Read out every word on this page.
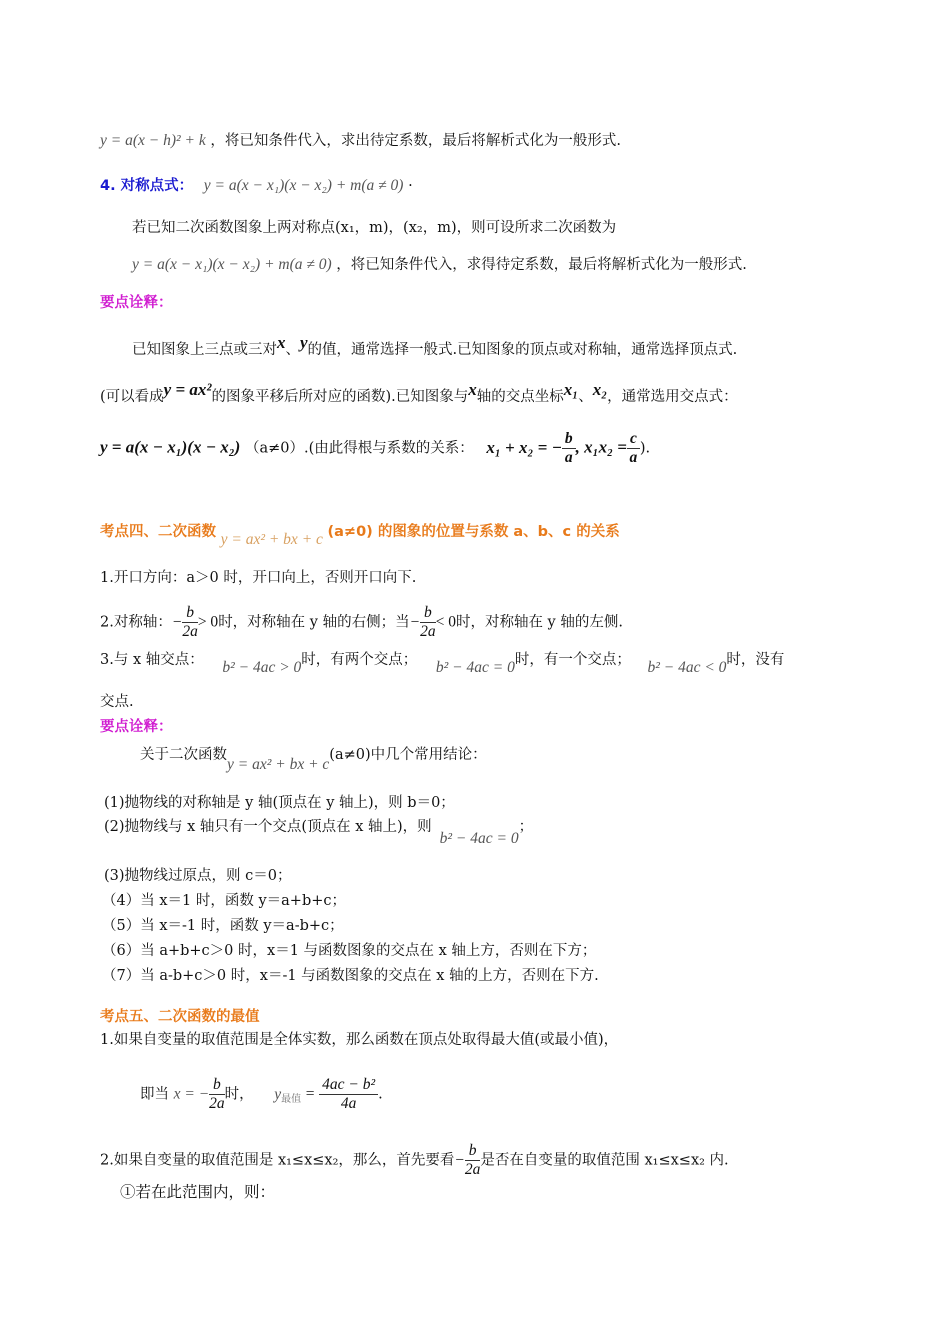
y = a(x − h)² + k ，将已知条件代入，求出待定系数，最后将解析式化为一般形式.
4. 对称点式： y = a(x − x₁)(x − x₂) + m(a ≠ 0) ·
若已知二次函数图象上两对称点(x₁，m)，(x₂，m)，则可设所求二次函数为
y = a(x − x₁)(x − x₂) + m(a ≠ 0) ，将已知条件代入，求得待定系数，最后将解析式化为一般形式.
要点诠释：
已知图象上三点或三对x、y的值，通常选择一般式.已知图象的顶点或对称轴，通常选择顶点式.
(可以看成y = ax²的图象平移后所对应的函数).已知图象与x轴的交点坐标x₁、x₂，通常选用交点式：
y = a(x − x₁)(x − x₂) （a≠0）.(由此得根与系数的关系： x₁ + x₂ = − $\frac{b}{a}$ , $x_1x_2 = \frac{c}{a}$ ).
考点四、二次函数 y = ax² + bx + c (a≠0) 的图象的位置与系数 a、b、c 的关系
1.开口方向：a＞0 时，开口向上，否则开口向下.
2.对称轴：− $\frac{b}{2a} > 0$时，对称轴在 y 轴的右侧；当− $\frac{b}{2a} < 0$时，对称轴在 y 轴的左侧.
3.与 x 轴交点： b² − 4ac > 0时，有两个交点； b² − 4ac = 0时，有一个交点； b² − 4ac < 0时，没有
交点.
要点诠释：
关于二次函数y = ax² + bx + c(a≠0)中几个常用结论：
(1)抛物线的对称轴是 y 轴(顶点在 y 轴上)，则 b＝0；
(2)抛物线与 x 轴只有一个交点(顶点在 x 轴上)，则b² − 4ac = 0；
(3)抛物线过原点，则 c＝0；
（4）当 x＝1 时，函数 y＝a+b+c；
（5）当 x＝-1 时，函数 y＝a-b+c；
（6）当 a+b+c＞0 时，x＝1 与函数图象的交点在 x 轴上方，否则在下方；
（7）当 a-b+c＞0 时，x＝-1 与函数图象的交点在 x 轴的上方，否则在下方.
考点五、二次函数的最值
1.如果自变量的取值范围是全体实数，那么函数在顶点处取得最大值(或最小值)，
即当 x = − $\frac{b}{2a}$ 时， $y_{最值} = \frac{\text{4ac − b²}}{4a}$ .
2.如果自变量的取值范围是 x₁≤x≤x₂，那么，首先要看− $\frac{b}{2a}$ 是否在自变量的取值范围 x₁≤x≤x₂ 内.
①若在此范围内，则：
